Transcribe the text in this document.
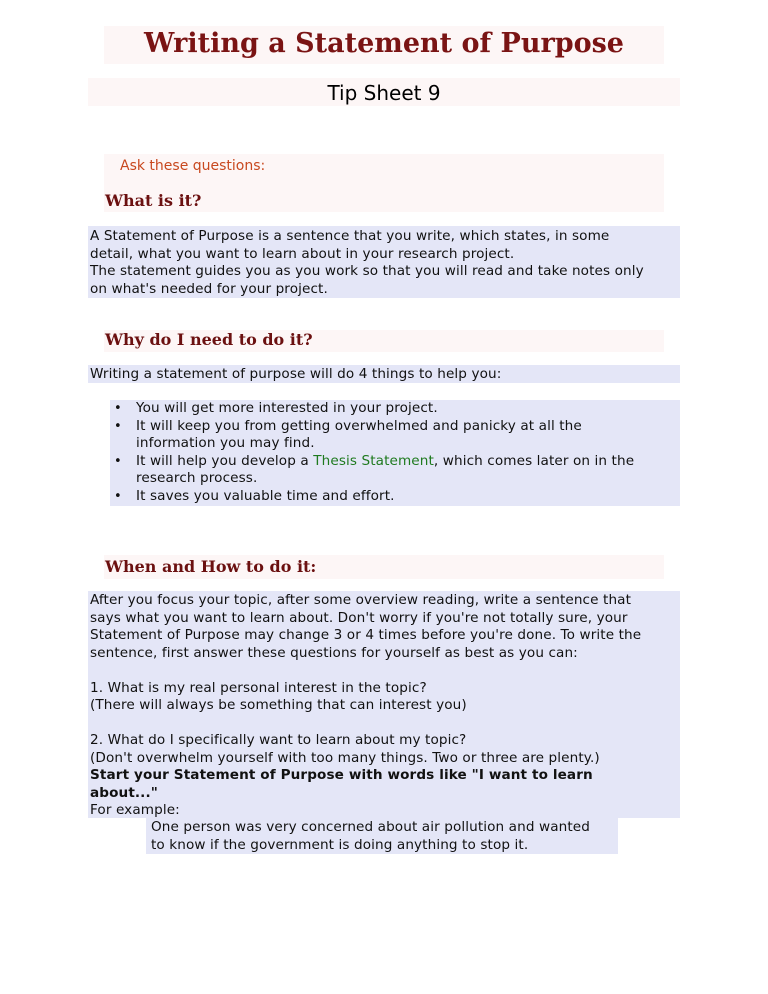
Writing a Statement of Purpose
Tip Sheet 9
Ask these questions:
What is it?
A Statement of Purpose is a sentence that you write, which states, in some
detail, what you want to learn about in your research project.
The statement guides you as you work so that you will read and take notes only
on what's needed for your project.
Why do I need to do it?
Writing a statement of purpose will do 4 things to help you:
• You will get more interested in your project.
• It will keep you from getting overwhelmed and panicky at all the
information you may find.
• It will help you develop a Thesis Statement, which comes later on in the
research process.
• It saves you valuable time and effort.
When and How to do it:
After you focus your topic, after some overview reading, write a sentence that
says what you want to learn about. Don't worry if you're not totally sure, your
Statement of Purpose may change 3 or 4 times before you're done. To write the
sentence, first answer these questions for yourself as best as you can:

1. What is my real personal interest in the topic?
(There will always be something that can interest you)

2. What do I specifically want to learn about my topic?
(Don't overwhelm yourself with too many things. Two or three are plenty.)
Start your Statement of Purpose with words like "I want to learn
about..."
For example:
One person was very concerned about air pollution and wanted
to know if the government is doing anything to stop it.
